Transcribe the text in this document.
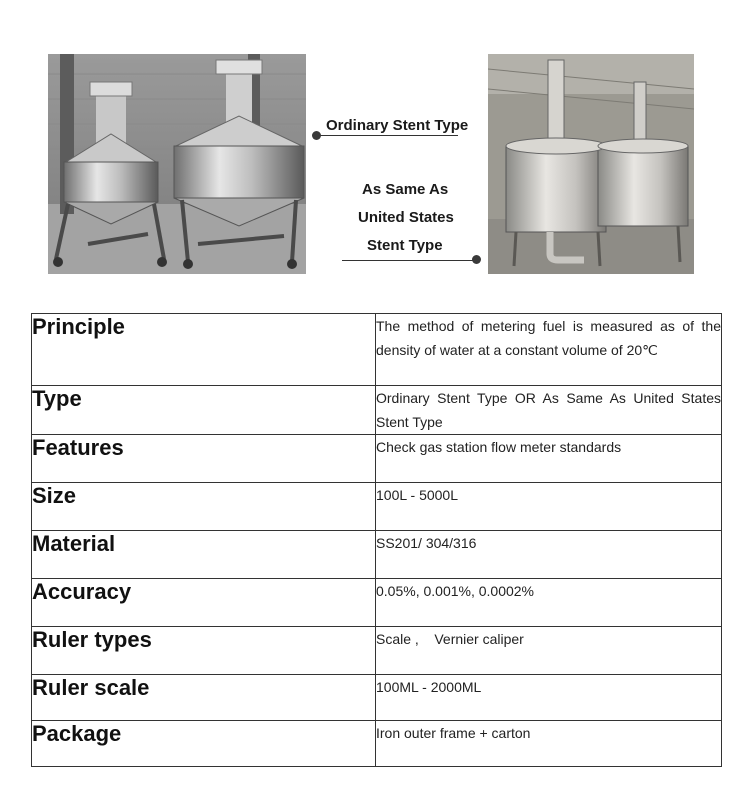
Ordinary Stent Type
As Same As
United States
Stent Type
Principle	The method of metering fuel is measured as of the density of water at a constant volume of 20℃
Type	Ordinary Stent Type OR As Same As United States Stent Type
Features	Check gas station flow meter standards
Size	100L - 5000L
Material	SS201/ 304/316
Accuracy	0.05%, 0.001%, 0.0002%
Ruler types	Scale ,    Vernier caliper
Ruler scale	100ML - 2000ML
Package	Iron outer frame + carton
